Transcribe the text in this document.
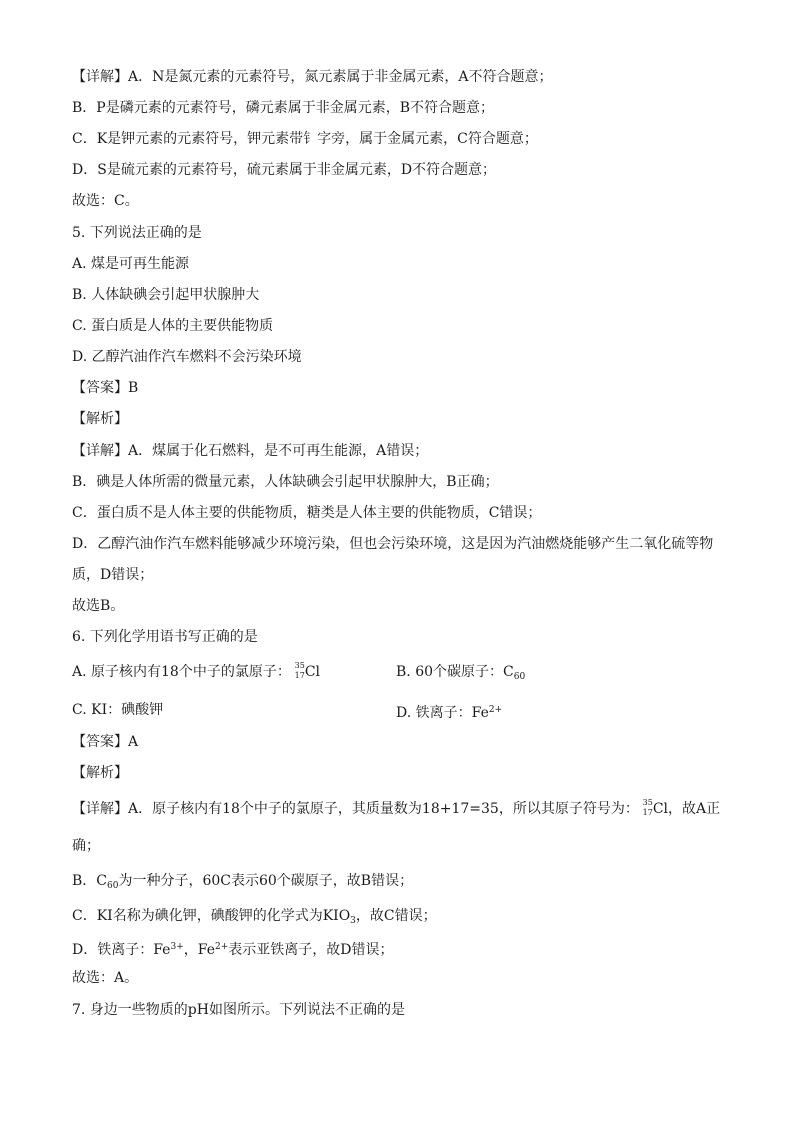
【详解】A．N是氮元素的元素符号，氮元素属于非金属元素，A不符合题意；
B．P是磷元素的元素符号，磷元素属于非金属元素，B不符合题意；
C．K是钾元素的元素符号，钾元素带钅字旁，属于金属元素，C符合题意；
D．S是硫元素的元素符号，硫元素属于非金属元素，D不符合题意；
故选：C。
5. 下列说法正确的是
A. 煤是可再生能源
B. 人体缺碘会引起甲状腺肿大
C. 蛋白质是人体的主要供能物质
D. 乙醇汽油作汽车燃料不会污染环境
【答案】B
【解析】
【详解】A．煤属于化石燃料，是不可再生能源，A错误；
B．碘是人体所需的微量元素，人体缺碘会引起甲状腺肿大，B正确；
C．蛋白质不是人体主要的供能物质，糖类是人体主要的供能物质，C错误；
D．乙醇汽油作汽车燃料能够减少环境污染，但也会污染环境，这是因为汽油燃烧能够产生二氧化硫等物
质，D错误；
故选B。
6. 下列化学用语书写正确的是
A. 原子核内有18个中子的氯原子： 35
17 Cl	B. 60个碳原子：$C_{60}$
C. KI：碘酸钾	D. 铁离子：$Fe^{2+}$
【答案】A
【解析】
【详解】A．原子核内有18个中子的氯原子，其质量数为18+17=35，所以其原子符号为： 35
17 Cl，故A正
确；
B．$C_{60}$为一种分子，60C表示60个碳原子，故B错误；
C．KI名称为碘化钾，碘酸钾的化学式为$KIO_3$，故C错误；
D．铁离子：$Fe^{3+}$，$Fe^{2+}$表示亚铁离子，故D错误；
故选：A。
7. 身边一些物质的pH如图所示。下列说法不正确的是
